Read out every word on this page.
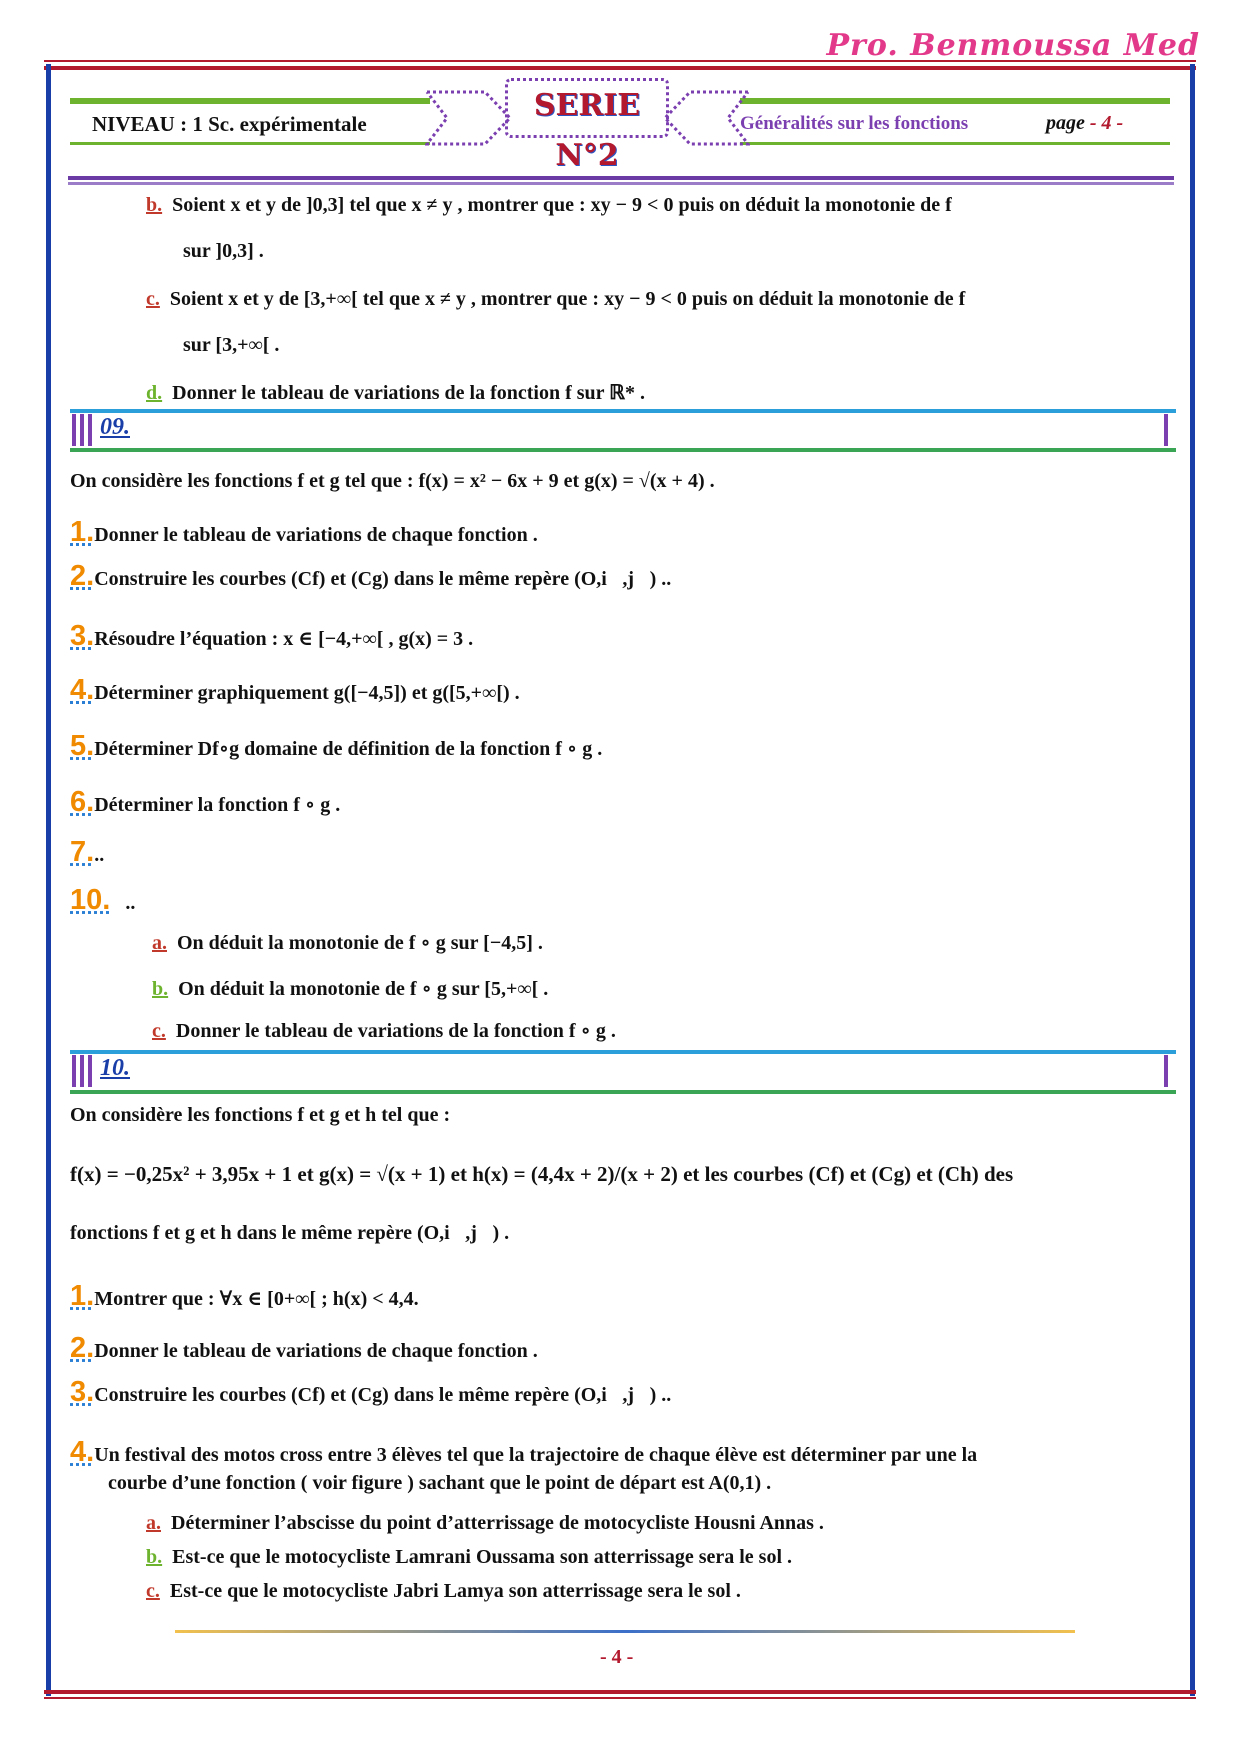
Pro. Benmoussa Med
NIVEAU : 1 Sc. expérimentale
SERIE N°2
Généralités sur les fonctions	page - 4 -
b. Soient x et y de ]0,3] tel que x ≠ y , montrer que : xy − 9 < 0 puis on déduit la monotonie de f
sur ]0,3] .
c. Soient x et y de [3,+∞[ tel que x ≠ y , montrer que : xy − 9 < 0 puis on déduit la monotonie de f
sur [3,+∞[ .
d. Donner le tableau de variations de la fonction f sur ℝ* .
09.
On considère les fonctions f et g tel que : f(x) = x² − 6x + 9 et g(x) = √(x + 4) .
1.Donner le tableau de variations de chaque fonction .
2.Construire les courbes (Cf) et (Cg) dans le même repère (O,i⃗,j⃗) ..
3.Résoudre l’équation : x ∈ [−4,+∞[ , g(x) = 3 .
4.Déterminer graphiquement g([−4,5]) et g([5,+∞[) .
5.Déterminer Df∘g domaine de définition de la fonction f ∘ g .
6.Déterminer la fonction f ∘ g .
7...
10. ..
a. On déduit la monotonie de f ∘ g sur [−4,5] .
b. On déduit la monotonie de f ∘ g sur [5,+∞[ .
c. Donner le tableau de variations de la fonction f ∘ g .
10.
On considère les fonctions f et g et h tel que :
f(x) = −0,25x² + 3,95x + 1 et g(x) = √(x + 1) et h(x) = (4,4x + 2)/(x + 2) et les courbes (Cf) et (Cg) et (Ch) des
fonctions f et g et h dans le même repère (O,i⃗,j⃗) .
1.Montrer que : ∀x ∈ [0+∞[ ; h(x) < 4,4.
2.Donner le tableau de variations de chaque fonction .
3.Construire les courbes (Cf) et (Cg) dans le même repère (O,i⃗,j⃗) ..
4.Un festival des motos cross entre 3 élèves tel que la trajectoire de chaque élève est déterminer par une la
courbe d’une fonction ( voir figure ) sachant que le point de départ est A(0,1) .
a. Déterminer l’abscisse du point d’atterrissage de motocycliste Housni Annas .
b. Est-ce que le motocycliste Lamrani Oussama son atterrissage sera le sol .
c. Est-ce que le motocycliste Jabri Lamya son atterrissage sera le sol .
- 4 -
